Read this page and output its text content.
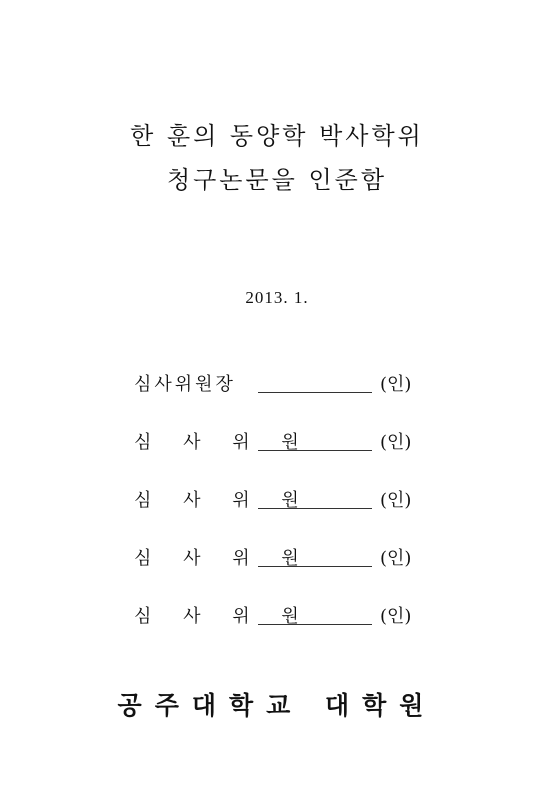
한 훈의 동양학 박사학위
청구논문을 인준함
2013. 1.
심사위원장	(인)
심 사 위 원	(인)
심 사 위 원	(인)
심 사 위 원	(인)
심 사 위 원	(인)
공주대학교 대학원
